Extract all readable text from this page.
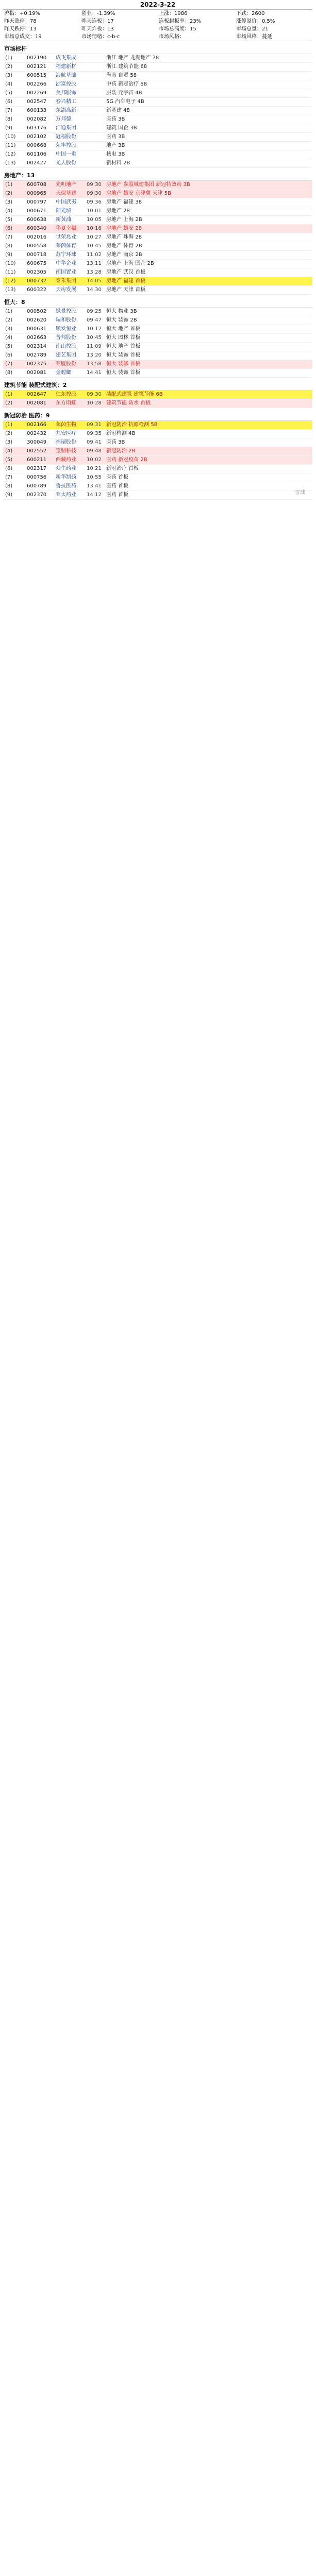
2022-3-22
沪指：+0.19%	创业：-1.39%	上涨：1986	下跌：2600
昨天涨停：78	昨天连板：17	连板封板率：23%	涨停溢价：0.5%
昨天跌停：13	昨天炸板：13	市场总高度：15	市场总量：21
市场总成交：19	市场情绪：c-b-c	市场风格：	市场风格：蔓延
市场标杆
(1)	002190	成飞集成	浙江 地产 龙湖地产 78
(2)	002121	福建新材	浙江 建筑节能 68
(3)	600515	海航基础	海南 自贸 58
(4)	002266	浙富控股	中药 新冠治疗 58
(5)	002269	美邦服饰	服装 元宇宙 4B
(6)	002547	春兴精工	5G 汽车电子 4B
(7)	600133	东湖高新	新基建 48
(8)	002082	万邦德	医药 3B
(9)	603176	汇通集团	建筑 国企 3B
(10)	002102	冠福股份	医药 3B
(11)	000668	荣丰控股	地产 3B
(12)	601106	中国一重	核电 3B
(13)	002427	尤夫股份	新材料 2B
房地产：13
(1)	600708	光明地产	09:30 房地产 参股城建集团 新冠特效药 3B
(2)	000965	天保基建	09:30 房地产 雄安 京津冀 天津 5B
(3)	000797	中国武夷	09:36 房地产 福建 38
(4)	000671	阳光城	10:01 房地产 28
(5)	600638	新黄浦	10:05 房地产 上海 2B
(6)	600340	华夏幸福	10:16 房地产 雄安 28
(7)	002016	世荣兆业	10:27 房地产 珠海 28
(8)	000558	莱茵体育	10:45 房地产 体育 2B
(9)	000718	苏宁环球	11:02 房地产 南京 2B
(10)	600675	中华企业	13:11 房地产 上海 国企 2B
(11)	002305	南国置业	13:28 房地产 武汉 首板
(12)	000732	泰禾集团	14:05 房地产 福建 首板
(13)	600322	天房发展	14:30 房地产 天津 首板
恒大：8
(1)	000502	绿景控股	09:25 恒大 物业 3B
(2)	002620	瑞和股份	09:47 恒大 装饰 2B
(3)	000631	顺发恒业	10:12 恒大 地产 首板
(4)	002663	普邦股份	10:45 恒大 园林 首板
(5)	002314	南山控股	11:09 恒大 地产 首板
(6)	002789	建艺集团	13:20 恒大 装饰 首板
(7)	002375	亚厦股份	13:58 恒大 装修 首板
(8)	002081	金螳螂	14:41 恒大 装饰 首板
建筑节能 装配式建筑：2
(1)	002647	仁东控股	09:30 装配式建筑 建筑节能 6B
(2)	002081	东方雨虹	10:28 建筑节能 防水 首板
新冠防治 医药：9
(1)	002166	莱茵生物	09:31 新冠防治 抗原检测 5B
(2)	002432	九安医疗	09:35 新冠检测 4B
(3)	300049	福瑞股份	09:41 医药 3B
(4)	002552	宝鼎科技	09:48 新冠防治 2B
(5)	600211	西藏药业	10:02 医药 新冠疫苗 2B
(6)	002317	众生药业	10:21 新冠治疗 首板
(7)	000756	新华制药	10:55 医药 首板
(8)	600789	鲁抗医药	13:41 医药 首板
(9)	002370	亚太药业	14:12 医药 首板	雪球
